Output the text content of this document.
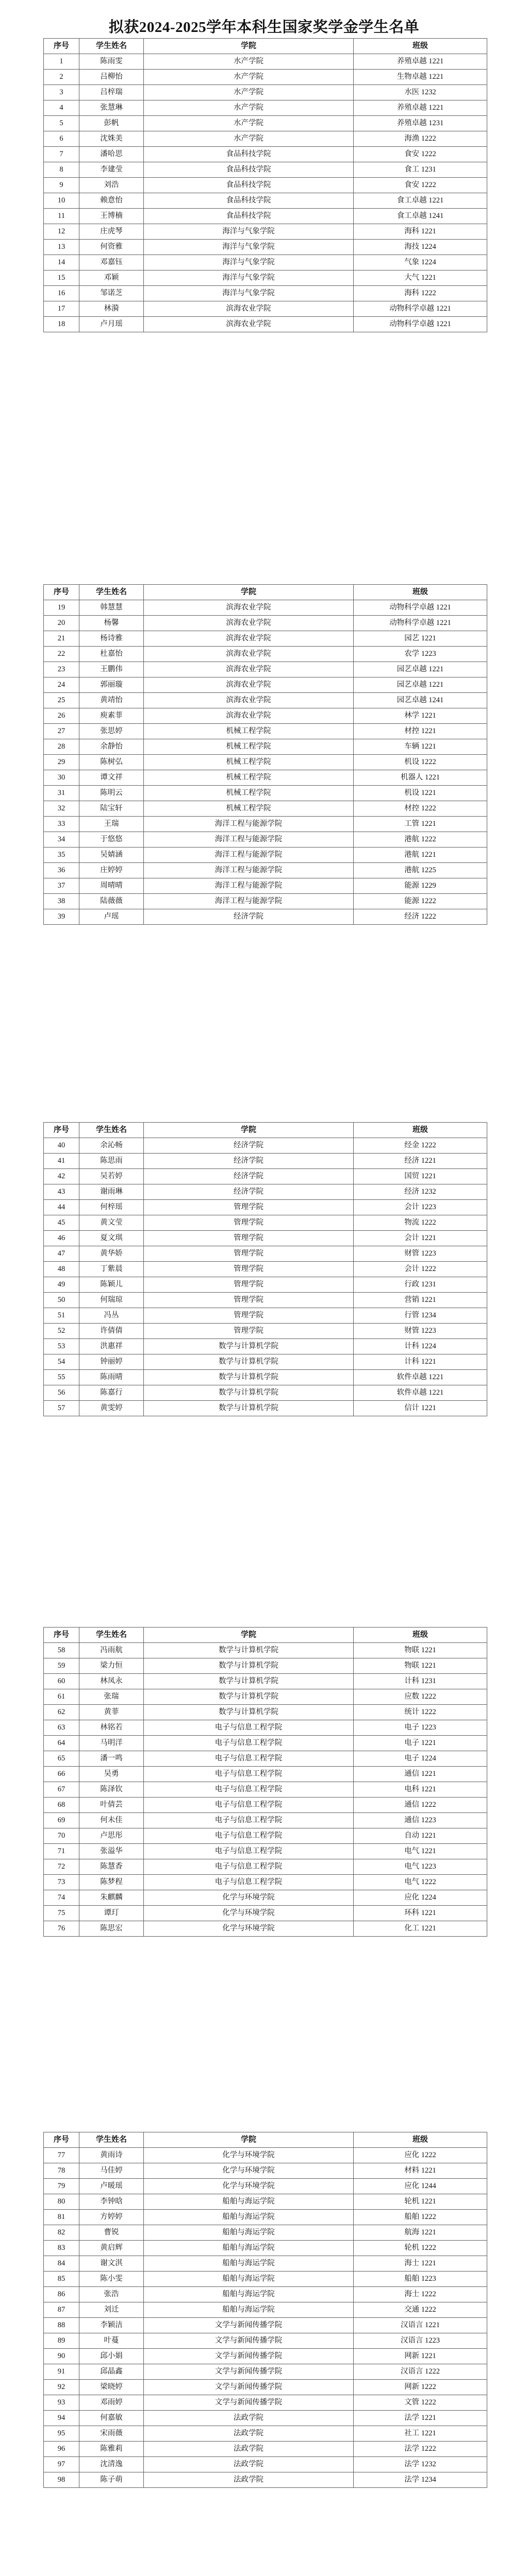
拟获2024-2025学年本科生国家奖学金学生名单
序号	学生姓名	学院	班级
1	陈雨雯	水产学院	养殖卓越 1221
2	吕柳怡	水产学院	生物卓越 1221
3	吕梓瑞	水产学院	水医 1232
4	张慧琳	水产学院	养殖卓越 1221
5	彭帆	水产学院	养殖卓越 1231
6	沈姝美	水产学院	海渔 1222
7	潘哈思	食品科技学院	食安 1222
8	李建莹	食品科技学院	食工 1231
9	刘浩	食品科技学院	食安 1222
10	赖意怡	食品科技学院	食工卓越 1221
11	王博楠	食品科技学院	食工卓越 1241
12	庄虎琴	海洋与气象学院	海科 1221
13	何资雅	海洋与气象学院	海技 1224
14	邓嘉钰	海洋与气象学院	气象 1224
15	邓颖	海洋与气象学院	大气 1221
16	邹诺芝	海洋与气象学院	海科 1222
17	林漪	滨海农业学院	动物科学卓越 1221
18	卢月瑶	滨海农业学院	动物科学卓越 1221
序号	学生姓名	学院	班级
19	韩慧慧	滨海农业学院	动物科学卓越 1221
20	杨馨	滨海农业学院	动物科学卓越 1221
21	杨诗雅	滨海农业学院	园艺 1221
22	杜嘉怡	滨海农业学院	农学 1223
23	王鹏伟	滨海农业学院	园艺卓越 1221
24	郭丽璇	滨海农业学院	园艺卓越 1221
25	黄靖怡	滨海农业学院	园艺卓越 1241
26	庾素菲	滨海农业学院	林学 1221
27	张思婷	机械工程学院	材控 1221
28	余静怡	机械工程学院	车辆 1221
29	陈树弘	机械工程学院	机设 1222
30	谭文祥	机械工程学院	机器人 1221
31	陈明云	机械工程学院	机设 1221
32	陆宝轩	机械工程学院	材控 1222
33	王瑞	海洋工程与能源学院	工管 1221
34	于悠悠	海洋工程与能源学院	港航 1222
35	吴婧涵	海洋工程与能源学院	港航 1221
36	庄婷婷	海洋工程与能源学院	港航 1225
37	周晴晴	海洋工程与能源学院	能源 1229
38	陆薇薇	海洋工程与能源学院	能源 1222
39	卢瑶	经济学院	经济 1222
序号	学生姓名	学院	班级
40	余沁畅	经济学院	经金 1222
41	陈思雨	经济学院	经济 1221
42	吴若婷	经济学院	国贸 1221
43	谢雨琳	经济学院	经济 1232
44	何梓瑶	管理学院	会计 1223
45	黄文莹	管理学院	物流 1222
46	夏文琪	管理学院	会计 1221
47	黄华娇	管理学院	财管 1223
48	丁紫晨	管理学院	会计 1222
49	陈颖儿	管理学院	行政 1231
50	何瑞琼	管理学院	营销 1221
51	冯丛	管理学院	行管 1234
52	许倩倩	管理学院	财管 1223
53	洪惠祥	数学与计算机学院	计科 1224
54	钟丽婷	数学与计算机学院	计科 1221
55	陈雨晴	数学与计算机学院	软件卓越 1221
56	陈嘉行	数学与计算机学院	软件卓越 1221
57	黄雯婷	数学与计算机学院	信计 1221
序号	学生姓名	学院	班级
58	冯雨航	数学与计算机学院	物联 1221
59	梁力恒	数学与计算机学院	物联 1221
60	林凤永	数学与计算机学院	计科 1231
61	张瑞	数学与计算机学院	应数 1222
62	黄菲	数学与计算机学院	统计 1222
63	林铭若	电子与信息工程学院	电子 1223
64	马明洋	电子与信息工程学院	电子 1221
65	潘一鸣	电子与信息工程学院	电子 1224
66	吴勇	电子与信息工程学院	通信 1221
67	陈泽钦	电子与信息工程学院	电科 1221
68	叶倩芸	电子与信息工程学院	通信 1222
69	何未佳	电子与信息工程学院	通信 1223
70	卢思彤	电子与信息工程学院	自动 1221
71	张溢华	电子与信息工程学院	电气 1221
72	陈慧香	电子与信息工程学院	电气 1223
73	陈梦程	电子与信息工程学院	电气 1222
74	朱麒麟	化学与环境学院	应化 1224
75	谭玎	化学与环境学院	环科 1221
76	陈思宏	化学与环境学院	化工 1221
序号	学生姓名	学院	班级
77	黄雨诗	化学与环境学院	应化 1222
78	马佳婷	化学与环境学院	材料 1221
79	卢暖瑶	化学与环境学院	应化 1244
80	李钟晗	船舶与海运学院	轮机 1221
81	方婷婷	船舶与海运学院	船舶 1222
82	曹锐	船舶与海运学院	航海 1221
83	黄启辉	船舶与海运学院	轮机 1222
84	谢文淇	船舶与海运学院	海士 1221
85	陈小雯	船舶与海运学院	船舶 1223
86	张浩	船舶与海运学院	海士 1222
87	刘迁	船舶与海运学院	交通 1222
88	李颖洁	文学与新闻传播学院	汉语言 1221
89	叶蔓	文学与新闻传播学院	汉语言 1223
90	邱小娟	文学与新闻传播学院	网新 1221
91	邱晶鑫	文学与新闻传播学院	汉语言 1222
92	梁晓婷	文学与新闻传播学院	网新 1222
93	邓雨婷	文学与新闻传播学院	文管 1222
94	何嘉敏	法政学院	法学 1221
95	宋雨薇	法政学院	社工 1221
96	陈雅莉	法政学院	法学 1222
97	沈清逸	法政学院	法学 1232
98	陈子萌	法政学院	法学 1234
